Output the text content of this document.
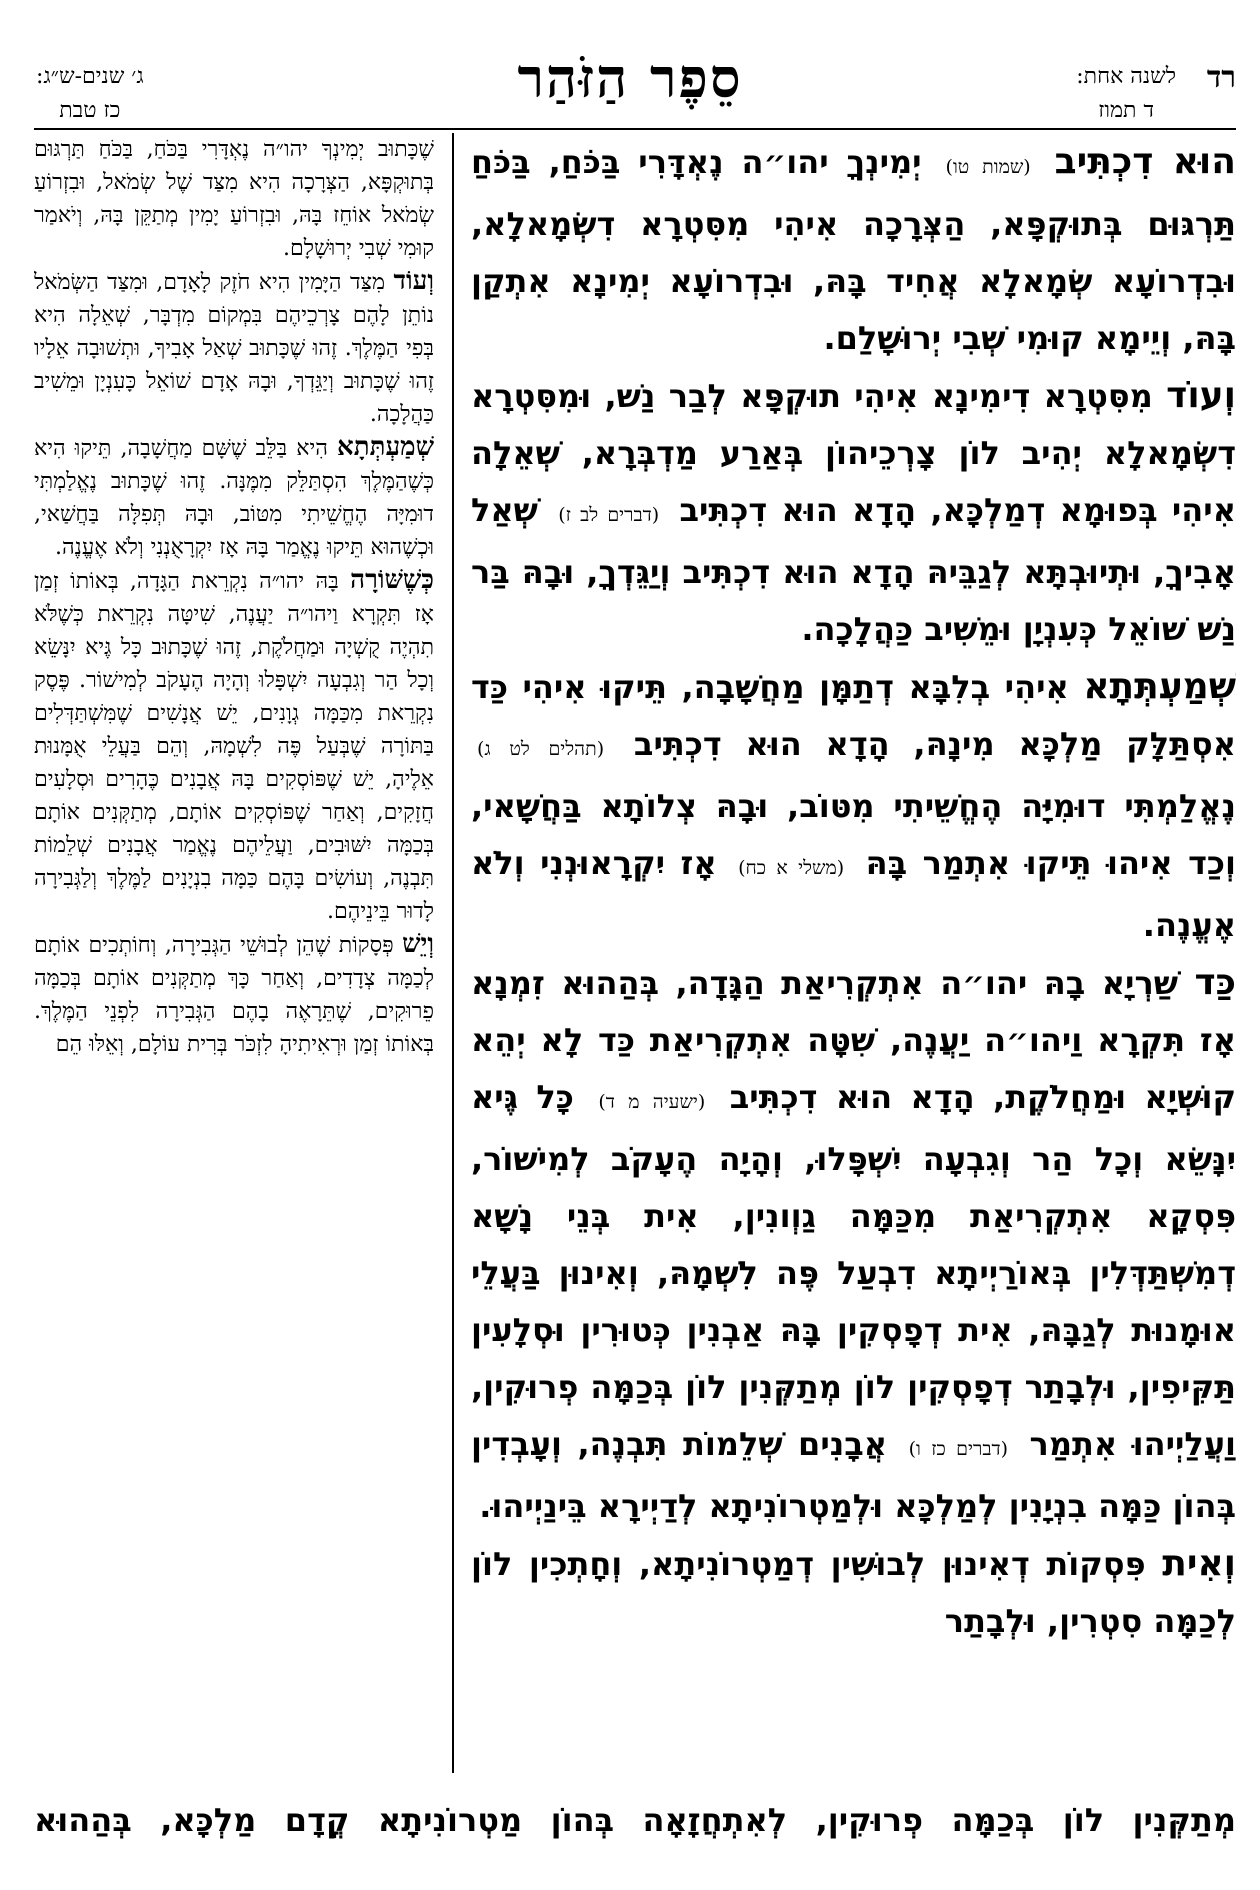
רד
לשנה אחת:
ד תמוז
סֵפֶר הַזֹּהַר
ג׳ שנים-ש״ג:
כז טבת

הוּא דִכְתִּיב (שמות טו) יְמִינְךָ יהו״ה נֶאְדָּרִי בַּכֹּחַ, בַּכֹּחַ תַּרְגּוּם בְּתוּקְפָּא, הַצְּרָכָה אִיהִי מִסִּטְרָא דִשְׂמָאלָא, וּבִדְרוֹעָא שְׂמָאלָא אֲחִיד בָּהּ, וּבִדְרוֹעָא יְמִינָא אִתְקַן בָּהּ, וְיֵימָא קוּמִי שְׁבִי יְרוּשָׁלַם.

וְעוֹד מִסִּטְרָא דִימִינָא אִיהִי תוּקְפָּא לְבַר נַשׁ, וּמִסִּטְרָא דִשְׂמָאלָא יְהִיב לוֹן צָרְכֵיהוֹן בְּאַרַע מַדְבְּרָא, שְׁאֵלָה אִיהִי בְּפוּמָא דְמַלְכָּא, הָדָא הוּא דִכְתִּיב (דברים לב ז) שְׁאַל אָבִיךָ, וּתְיוּבְתָּא לְגַבֵּיהּ הָדָא הוּא דִכְתִּיב וְיַגֵּדְךָ, וּבָהּ בַּר נַשׁ שׁוֹאֵל כְּעִנְיָן וּמֵשִׁיב כַּהֲלָכָה.

שְׁמַעְתְּתָא אִיהִי בְלִבָּא דְתַמָּן מַחֲשָׁבָה, תֵּיקוּ אִיהִי כַּד אִסְתַּלָּק מַלְכָּא מִינָהּ, הָדָא הוּא דִכְתִּיב (תהלים לט ג) נֶאֱלַמְתִּי דוּמִיָּה הֶחֱשֵׁיתִי מִטּוֹב, וּבָהּ צְלוֹתָא בַּחֲשָׁאי, וְכַד אִיהוּ תֵּיקוּ אִתְמַר בָּהּ (משלי א כח) אָז יִקְרָאוּנְנִי וְלֹא אֶעֱנֶה.

כַּד שַׁרְיָא בָהּ יהו״ה אִתְקְרִיאַת הַגָּדָה, בְּהַהוּא זִמְנָא אָז תִּקְרָא וַיהו״ה יַעֲנֶה, שִׁטָּה אִתְקְרִיאַת כַּד לָא יְהֵא קוּשְׁיָא וּמַחֲלֹקֶת, הָדָא הוּא דִכְתִּיב (ישעיה מ ד) כָּל גֶּיא יִנָּשֵׂא וְכָל הַר וְגִבְעָה יִשְׁפָּלוּ, וְהָיָה הֶעָקֹב לְמִישׁוֹר, פִּסְקָא אִתְקְרִיאַת מִכַּמָּה גַוְונִין, אִית בְּנֵי נָשָׁא דְמִשְׁתַּדְּלִין בְּאוֹרַיְיתָא דִבְעַל פֶּה לִשְׁמָהּ, וְאִינוּן בַּעֲלֵי אוּמָנוּת לְגַבָּהּ, אִית דְפָסְקִין בָּהּ אַבְנִין כְּטוּרִין וּסְלָעִין תַּקִּיפִין, וּלְבָתַר דְפָסְקִין לוֹן מְתַקְּנִין לוֹן בְּכַמָּה פְרוּקִין, וַעֲלַיְיהוּ אִתְמַר (דברים כז ו) אֲבָנִים שְׁלֵמוֹת תִּבְנֶה, וְעָבְדִין בְּהוֹן כַּמָּה בִנְיָנִין לְמַלְכָּא וּלְמַטְרוֹנִיתָא לְדַיְירָא בֵּינַיְיהוּ.

וְאִית פִּסְקוֹת דְאִינוּן לְבוּשִׁין דְמַטְרוֹנִיתָא, וְחָתְכִין לוֹן לְכַמָּה סִטְרִין, וּלְבָתַר

שֶׁכָּתוּב יְמִינְךָ יהו״ה נֶאְדָּרִי בַּכֹּחַ, בַּכֹּחַ תַּרְגּוּם בְּתוּקְפָּא, הַצְּרָכָה הִיא מִצַּד שֶׁל שְׂמֹאל, וּבִזְרוֹעַ שְׂמֹאל אוֹחֵז בָּהּ, וּבִזְרוֹעַ יָמִין מְתַקֵּן בָּהּ, וְיֹאמַר קוּמִי שְׁבִי יְרוּשָׁלָם.

וְעוֹד מִצַּד הַיָּמִין הִיא חֹזֶק לָאָדָם, וּמִצַּד הַשְּׂמֹאל נוֹתֵן לָהֶם צָרְכֵיהֶם בִּמְקוֹם מִדְבָּר, שְׁאֵלָה הִיא בְּפִי הַמֶּלֶךְ. זֶהוּ שֶׁכָּתוּב שְׁאַל אָבִיךָ, וּתְשׁוּבָה אֵלָיו זֶהוּ שֶׁכָּתוּב וְיַגֵּדְךָ, וּבָהּ אָדָם שׁוֹאֵל כָּעִנְיָן וּמֵשִׁיב כַּהֲלָכָה.

שְׁמַעְתְּתָא הִיא בַּלֵּב שֶׁשָּׁם מַחֲשָׁבָה, תֵּיקוּ הִיא כְּשֶׁהַמֶּלֶךְ הִסְתַּלֵּק מִמֶּנָּה. זֶהוּ שֶׁכָּתוּב נֶאֱלַמְתִּי דוּמִיָּה הֶחֱשֵׁיתִי מִטּוֹב, וּבָהּ תְּפִלָּה בַּחֲשַׁאי, וּכְשֶׁהוּא תֵּיקוּ נֶאֱמַר בָּהּ אָז יִקְרָאֻנְנִי וְלֹא אֶעֱנֶה.

כְּשֶׁשּׁוֹרָה בָּהּ יהו״ה נִקְרֵאת הַגָּדָה, בְּאוֹתוֹ זְמַן אָז תִּקְרָא וַיהו״ה יַעֲנֶה, שִׁיטָּה נִקְרֵאת כְּשֶׁלֹּא תִהְיֶה קֻשְׁיָה וּמַחֲלֹקֶת, זֶהוּ שֶׁכָּתוּב כָּל גֶּיא יִנָּשֵׂא וְכָל הַר וְגִבְעָה יִשְׁפָּלוּ וְהָיָה הֶעָקֹב לְמִישׁוֹר. פֶּסֶק נִקְרֵאת מִכַּמָּה גְוָנִים, יֵשׁ אֲנָשִׁים שֶׁמִּשְׁתַּדְּלִים בַּתּוֹרָה שֶׁבְּעַל פֶּה לִשְׁמָהּ, וְהֵם בַּעֲלֵי אֻמָּנוּת אֵלֶיהָ, יֵשׁ שֶׁפּוֹסְקִים בָּהּ אֲבָנִים כֶּהָרִים וּסְלָעִים חֲזָקִים, וְאַחַר שֶׁפּוֹסְקִים אוֹתָם, מְתַקְּנִים אוֹתָם בְּכַמָּה יִשּׁוּבִים, וַעֲלֵיהֶם נֶאֱמַר אֲבָנִים שְׁלֵמוֹת תִּבְנֶה, וְעוֹשִׂים בָּהֶם כַּמָּה בִנְיָנִים לַמֶּלֶךְ וְלַגְּבִירָה לָדוּר בֵּינֵיהֶם.

וְיֵשׁ פְּסָקוֹת שֶׁהֵן לְבוּשֵׁי הַגְּבִירָה, וְחוֹתְכִים אוֹתָם לְכַמָּה צְדָדִים, וְאַחַר כָּךְ מְתַקְּנִים אוֹתָם בְּכַמָּה פֵרוּקִים, שֶׁתֵּרָאֶה בָהֶם הַגְּבִירָה לִפְנֵי הַמֶּלֶךְ. בְּאוֹתוֹ זְמַן וּרְאִיתִיהָ לִזְכֹּר בְּרִית עוֹלָם, וְאֵלּוּ הֵם

מְתַקְּנִין לוֹן בְּכַמָּה פְרוּקִין, לְאִתְחֲזָאָה בְּהוֹן מַטְרוֹנִיתָא קֳדָם מַלְכָּא, בְּהַהוּא
